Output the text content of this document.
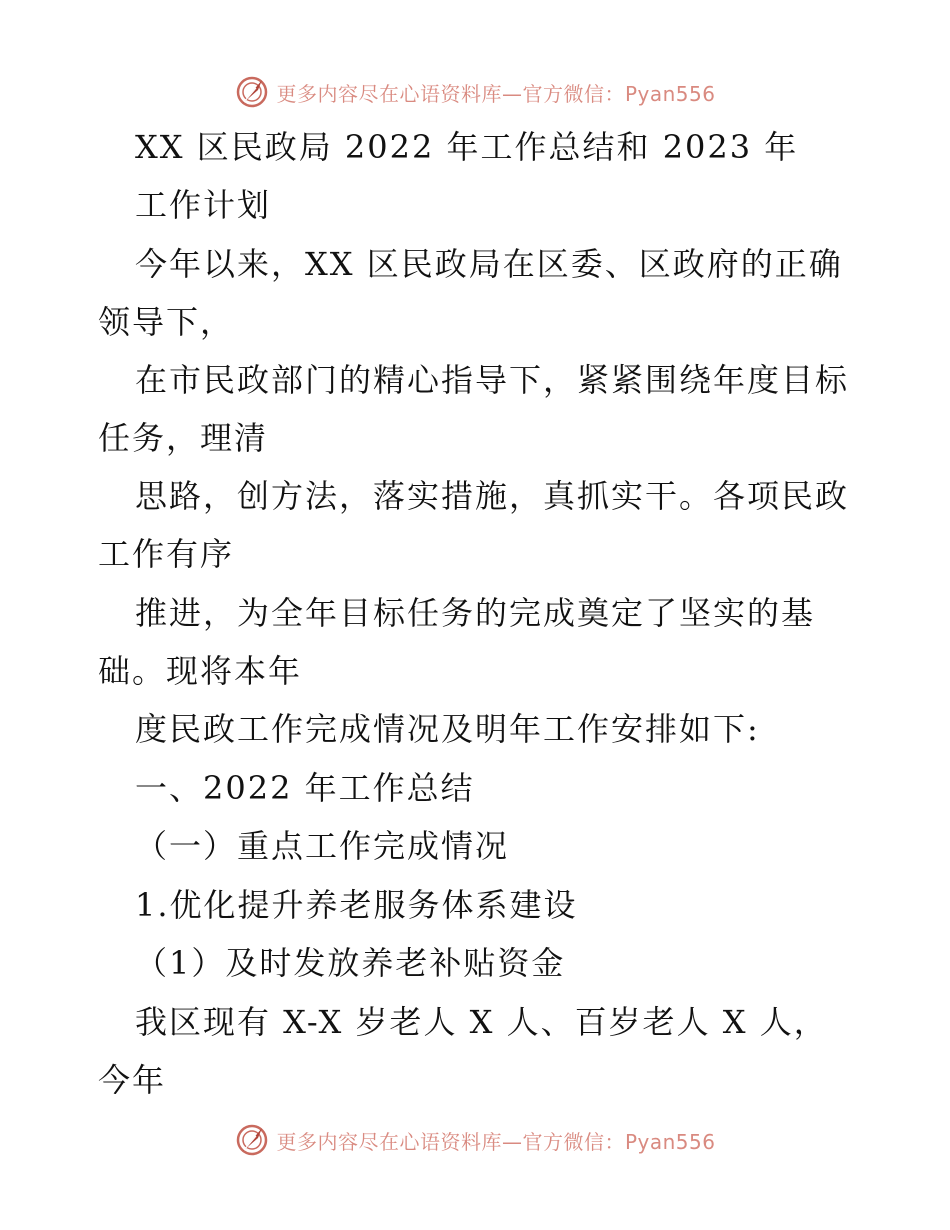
更多内容尽在心语资料库—官方微信：Pyan556
XX 区民政局 2022 年工作总结和 2023 年
工作计划
今年以来，XX 区民政局在区委、区政府的正确
领导下，
在市民政部门的精心指导下，紧紧围绕年度目标
任务，理清
思路，创方法，落实措施，真抓实干。各项民政
工作有序
推进，为全年目标任务的完成奠定了坚实的基
础。现将本年
度民政工作完成情况及明年工作安排如下:
一、2022 年工作总结
（一）重点工作完成情况
1.优化提升养老服务体系建设
（1）及时发放养老补贴资金
我区现有 X-X 岁老人 X 人、百岁老人 X 人，
今年
更多内容尽在心语资料库—官方微信：Pyan556
